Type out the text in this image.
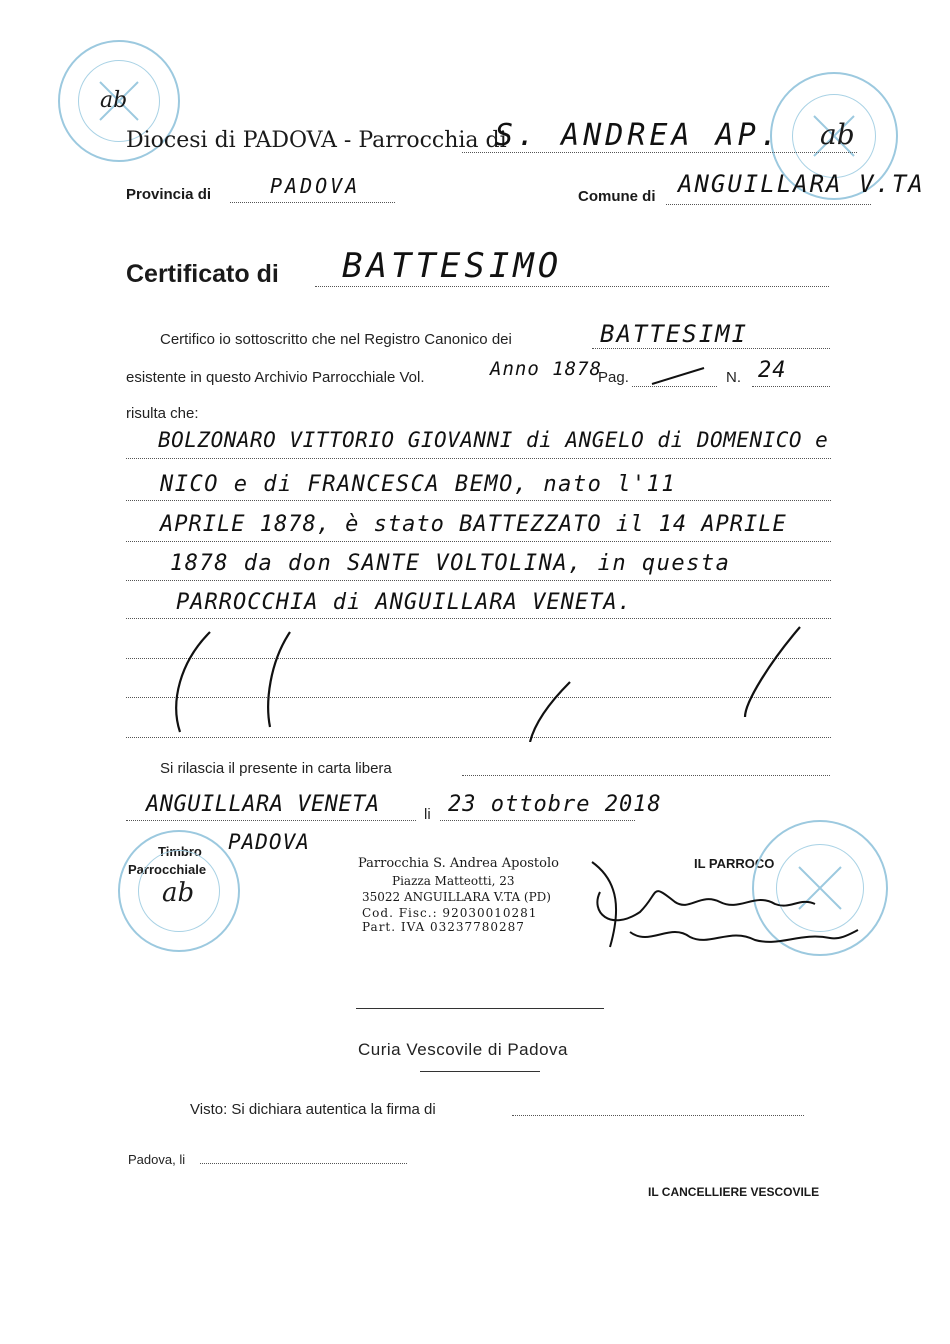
ab
Diocesi di PADOVA - Parrocchia di
S. ANDREA AP. ab
Provincia di	PADOVA	Comune di ANGUILLARA V.TA
Certificato di BATTESIMO
Certifico io sottoscritto che nel Registro Canonico dei	BATTESIMI
esistente in questo Archivio Parrocchiale Vol.	Anno 1878
Pag.	N. 24
risulta che:
BOLZONARO VITTORIO GIOVANNI di ANGELO di DOMENICO e
NICO e di FRANCESCA BEMO, nato l'11
APRILE 1878, è stato BATTEZZATO il 14 APRILE
1878 da don SANTE VOLTOLINA, in questa
PARROCCHIA di ANGUILLARA VENETA.
Si rilascia il presente in carta libera
ANGUILLARA VENETA	li 23 ottobre 2018
PADOVA
Timbro
Parrocchiale
ab
Parrocchia S. Andrea Apostolo
Piazza Matteotti, 23
35022 ANGUILLARA V.TA (PD)
Cod. Fisc.: 92030010281
Part. IVA 03237780287
IL PARROCO
Curia Vescovile di Padova
Visto: Si dichiara autentica la firma di
Padova, li
IL CANCELLIERE VESCOVILE
